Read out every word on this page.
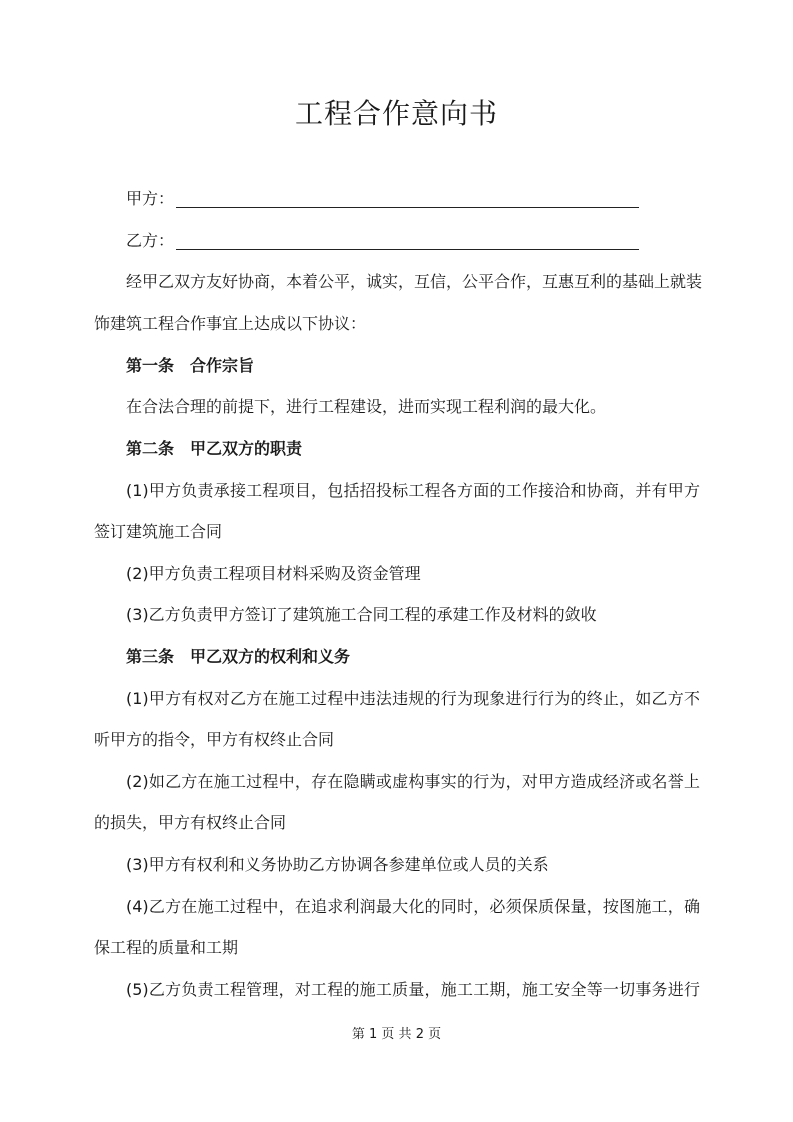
工程合作意向书
甲方：
乙方：
经甲乙双方友好协商，本着公平，诚实，互信，公平合作，互惠互利的基础上就装
饰建筑工程合作事宜上达成以下协议：
第一条 合作宗旨
在合法合理的前提下，进行工程建设，进而实现工程利润的最大化。
第二条 甲乙双方的职责
(1)甲方负责承接工程项目，包括招投标工程各方面的工作接洽和协商，并有甲方
签订建筑施工合同
(2)甲方负责工程项目材料采购及资金管理
(3)乙方负责甲方签订了建筑施工合同工程的承建工作及材料的敛收
第三条 甲乙双方的权利和义务
(1)甲方有权对乙方在施工过程中违法违规的行为现象进行行为的终止，如乙方不
听甲方的指令，甲方有权终止合同
(2)如乙方在施工过程中，存在隐瞒或虚构事实的行为，对甲方造成经济或名誉上
的损失，甲方有权终止合同
(3)甲方有权利和义务协助乙方协调各参建单位或人员的关系
(4)乙方在施工过程中，在追求利润最大化的同时，必须保质保量，按图施工，确
保工程的质量和工期
(5)乙方负责工程管理，对工程的施工质量，施工工期，施工安全等一切事务进行
第 1 页 共 2 页
